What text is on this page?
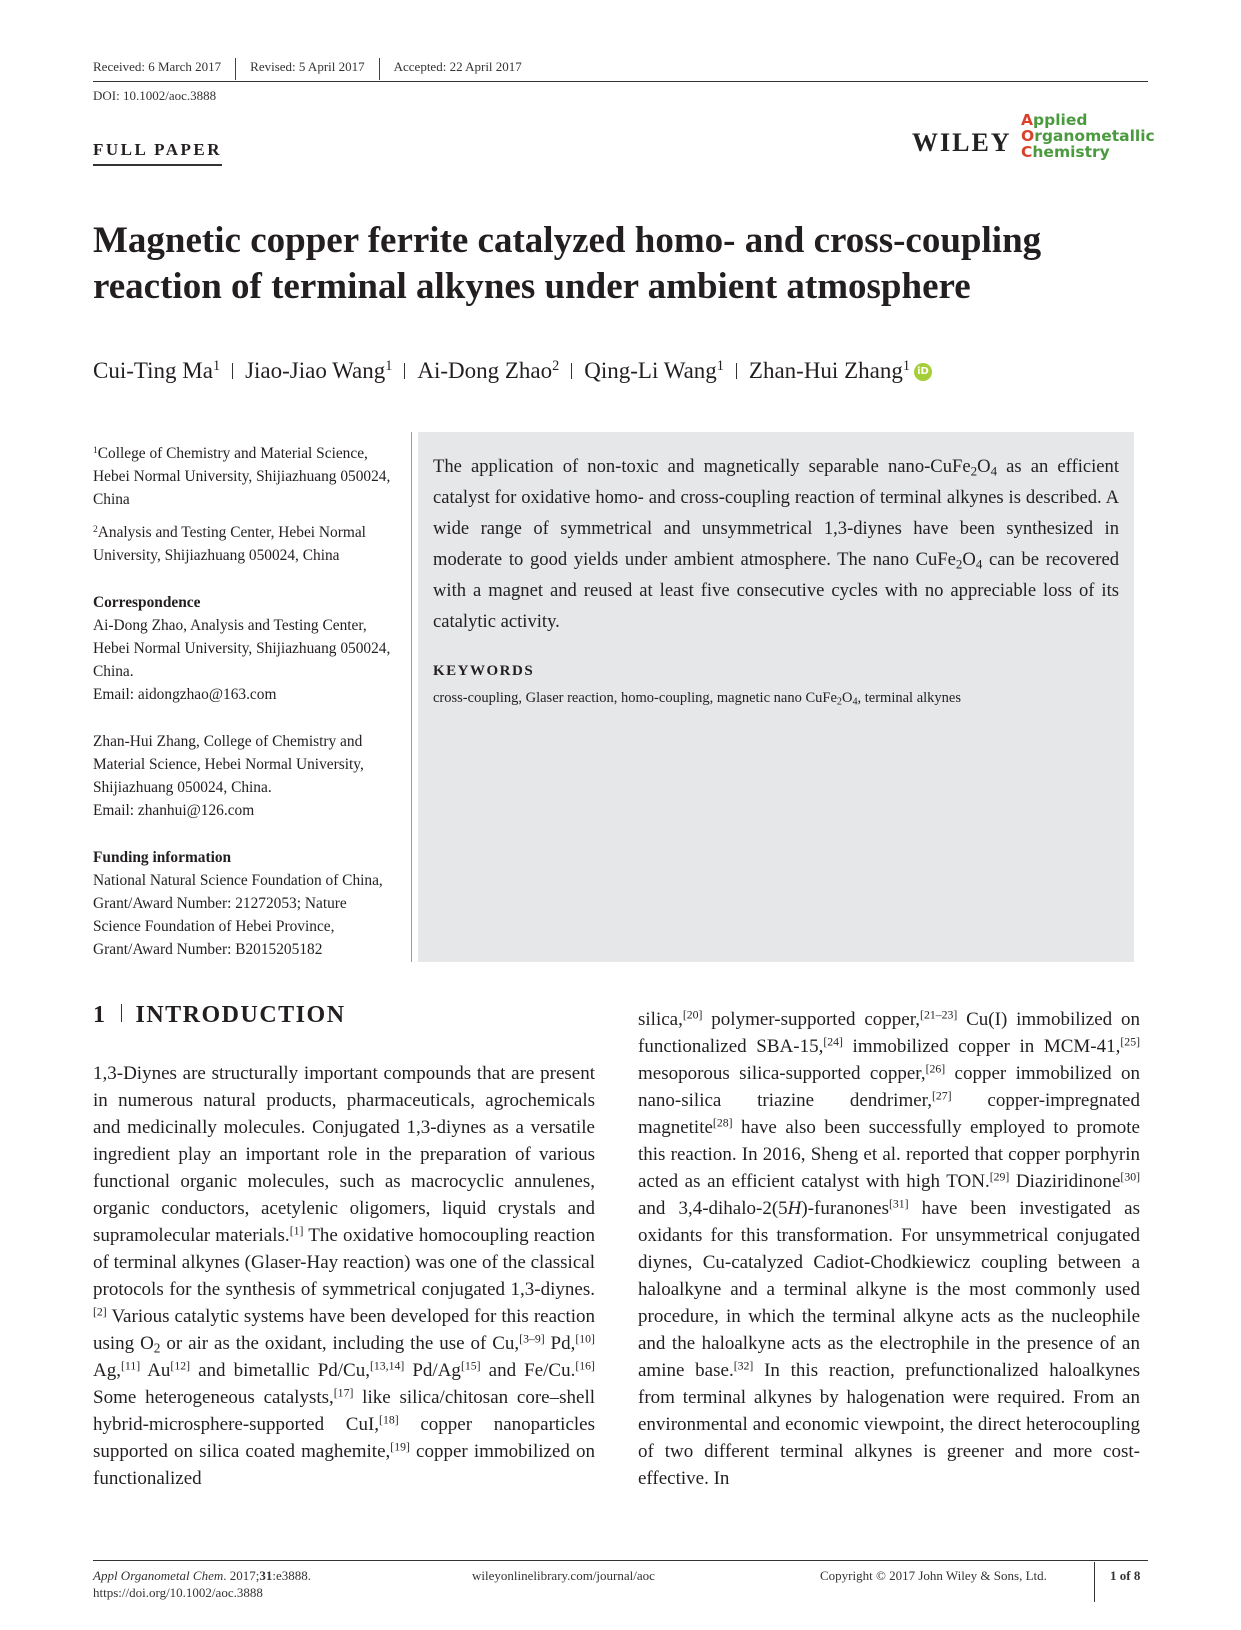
Received: 6 March 2017	Revised: 5 April 2017	Accepted: 22 April 2017
DOI: 10.1002/aoc.3888
FULL PAPER	WILEY
Applied
Organometallic
Chemistry
Magnetic copper ferrite catalyzed homo- and cross-coupling reaction of terminal alkynes under ambient atmosphere
Cui-Ting Ma$^1$ Jiao-Jiao Wang$^1$ Ai-Dong Zhao$^2$ Qing-Li Wang$^1$ Zhan-Hui Zhang$^1$ iD

$^1$College of Chemistry and Material Science, Hebei Normal University, Shijiazhuang 050024, China

$^2$Analysis and Testing Center, Hebei Normal University, Shijiazhuang 050024, China

Correspondence

Ai-Dong Zhao, Analysis and Testing Center, Hebei Normal University, Shijiazhuang 050024, China.

Email: aidongzhao@163.com

Zhan-Hui Zhang, College of Chemistry and Material Science, Hebei Normal University, Shijiazhuang 050024, China.

Email: zhanhui@126.com

Funding information

National Natural Science Foundation of China, Grant/Award Number: 21272053; Nature Science Foundation of Hebei Province, Grant/Award Number: B2015205182

The application of non-toxic and magnetically separable nano-$CuFe_2O_4$ as an efficient catalyst for oxidative homo- and cross-coupling reaction of terminal alkynes is described. A wide range of symmetrical and unsymmetrical 1,3-diynes have been synthesized in moderate to good yields under ambient atmosphere. The nano $CuFe_2O_4$ can be recovered with a magnet and reused at least five consecutive cycles with no appreciable loss of its catalytic activity.
KEYWORDS
cross-coupling, Glaser reaction, homo-coupling, magnetic nano $CuFe_2O_4$, terminal alkynes
1 INTRODUCTION

1,3-Diynes are structurally important compounds that are present in numerous natural products, pharmaceuticals, agrochemicals and medicinally molecules. Conjugated 1,3-diynes as a versatile ingredient play an important role in the preparation of various functional organic molecules, such as macrocyclic annulenes, organic conductors, acetylenic oligomers, liquid crystals and supramolecular materials.[1] The oxidative homocoupling reaction of terminal alkynes (Glaser-Hay reaction) was one of the classical protocols for the synthesis of symmetrical conjugated 1,3-diynes.[2] Various catalytic systems have been developed for this reaction using $O_2$ or air as the oxidant, including the use of Cu,[3–9] Pd,[10] Ag,[11] Au[12] and bimetallic Pd/Cu,[13,14] Pd/Ag[15] and Fe/Cu.[16] Some heterogeneous catalysts,[17] like silica/chitosan core–shell hybrid-microsphere-supported CuI,[18] copper nanoparticles supported on silica coated maghemite,[19] copper immobilized on functionalized

silica,[20] polymer-supported copper,[21–23] Cu(I) immobilized on functionalized SBA-15,[24] immobilized copper in MCM-41,[25] mesoporous silica-supported copper,[26] copper immobilized on nano-silica triazine dendrimer,[27] copper-impregnated magnetite[28] have also been successfully employed to promote this reaction. In 2016, Sheng et al. reported that copper porphyrin acted as an efficient catalyst with high TON.[29] Diaziridinone[30] and 3,4-dihalo-2(5H)-furanones[31] have been investigated as oxidants for this transformation. For unsymmetrical conjugated diynes, Cu-catalyzed Cadiot-Chodkiewicz coupling between a haloalkyne and a terminal alkyne is the most commonly used procedure, in which the terminal alkyne acts as the nucleophile and the haloalkyne acts as the electrophile in the presence of an amine base.[32] In this reaction, prefunctionalized haloalkynes from terminal alkynes by halogenation were required. From an environmental and economic viewpoint, the direct heterocoupling of two different terminal alkynes is greener and more cost-effective. In

Appl Organometal Chem. 2017;31:e3888.
https://doi.org/10.1002/aoc.3888
wileyonlinelibrary.com/journal/aoc	Copyright © 2017 John Wiley & Sons, Ltd.	1 of 8
